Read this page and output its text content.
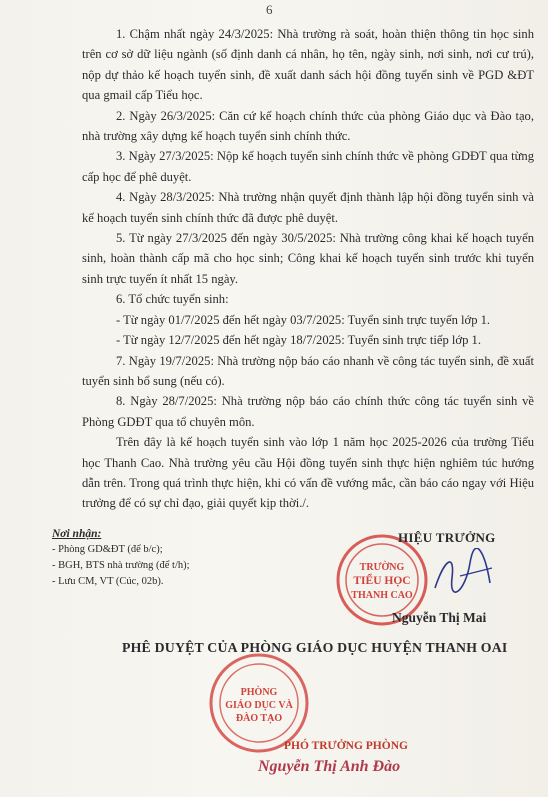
6
1. Chậm nhất ngày 24/3/2025: Nhà trường rà soát, hoàn thiện thông tin học sinh trên cơ sở dữ liệu ngành (số định danh cá nhân, họ tên, ngày sinh, nơi sinh, nơi cư trú), nộp dự thảo kế hoạch tuyển sinh, đề xuất danh sách hội đồng tuyển sinh về PGD &ĐT qua gmail cấp Tiểu học.
2. Ngày 26/3/2025: Căn cứ kế hoạch chính thức của phòng Giáo dục và Đào tạo, nhà trường xây dựng kế hoạch tuyển sinh chính thức.
3. Ngày 27/3/2025: Nộp kế hoạch tuyển sinh chính thức về phòng GDĐT qua từng cấp học để phê duyệt.
4. Ngày 28/3/2025: Nhà trường nhận quyết định thành lập hội đồng tuyển sinh và kế hoạch tuyển sinh chính thức đã được phê duyệt.
5. Từ ngày 27/3/2025 đến ngày 30/5/2025: Nhà trường công khai kế hoạch tuyển sinh, hoàn thành cấp mã cho học sinh; Công khai kế hoạch tuyển sinh trước khi tuyển sinh trực tuyến ít nhất 15 ngày.
6. Tổ chức tuyển sinh:
- Từ ngày 01/7/2025 đến hết ngày 03/7/2025: Tuyển sinh trực tuyến lớp 1.
- Từ ngày 12/7/2025 đến hết ngày 18/7/2025: Tuyển sinh trực tiếp lớp 1.
7. Ngày 19/7/2025: Nhà trường nộp báo cáo nhanh về công tác tuyển sinh, đề xuất tuyển sinh bổ sung (nếu có).
8. Ngày 28/7/2025: Nhà trường nộp báo cáo chính thức công tác tuyển sinh về Phòng GDĐT qua tổ chuyên môn.
Trên đây là kế hoạch tuyển sinh vào lớp 1 năm học 2025-2026 của trường Tiểu học Thanh Cao. Nhà trường yêu cầu Hội đồng tuyển sinh thực hiện nghiêm túc hướng dẫn trên. Trong quá trình thực hiện, khi có vấn đề vướng mắc, cần báo cáo ngay với Hiệu trưởng để có sự chỉ đạo, giải quyết kịp thời./.
Nơi nhận:
- Phòng GD&ĐT (để b/c);
- BGH, BTS nhà trường (để t/h);
- Lưu CM, VT (Cúc, 02b).
TRƯỜNG
TIỂU HỌC
THANH CAO
HIỆU TRƯỞNG
Nguyễn Thị Mai
PHÊ DUYỆT CỦA PHÒNG GIÁO DỤC HUYỆN THANH OAI
PHÒNG
GIÁO DỤC VÀ
ĐÀO TẠO
PHÓ TRƯỞNG PHÒNG
Nguyễn Thị Anh Đào
